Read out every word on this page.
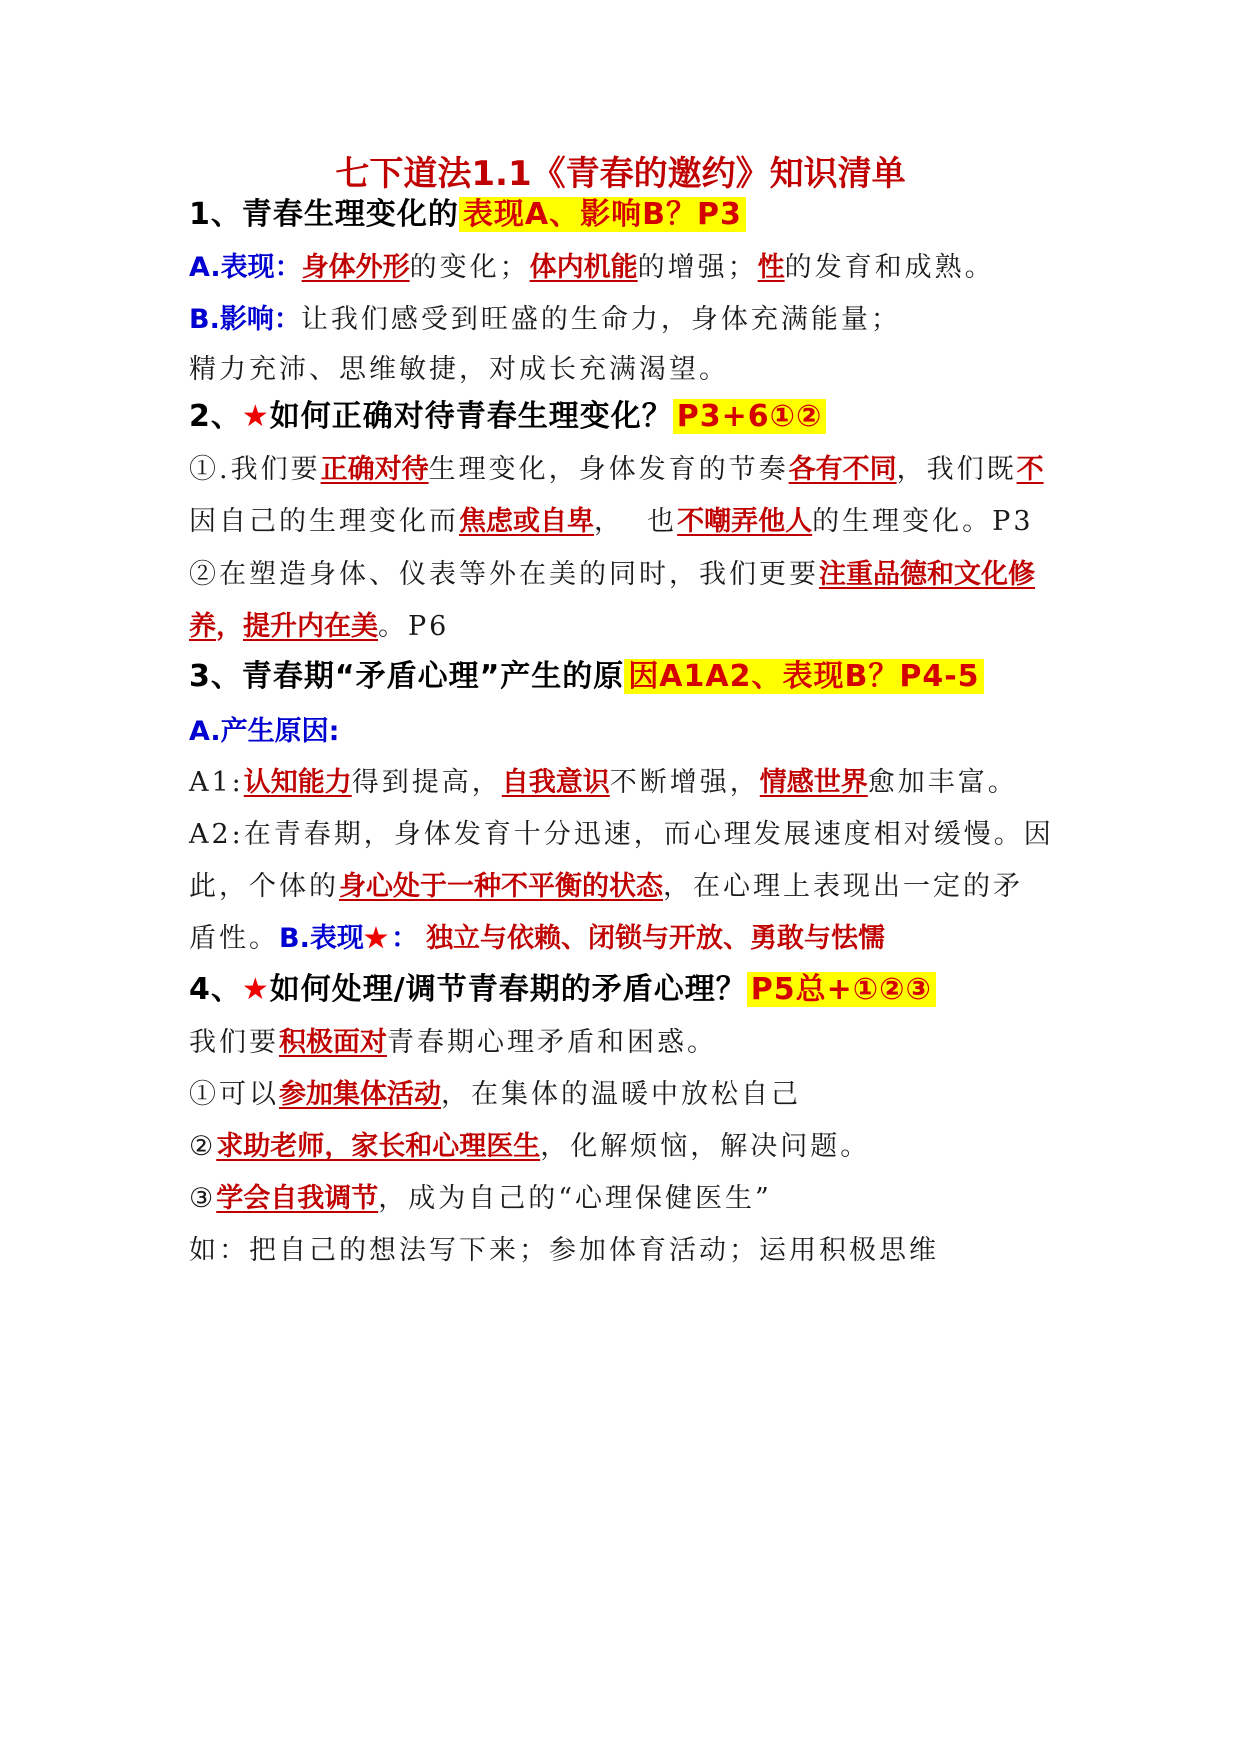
七下道法1.1《青春的邀约》知识清单
1、青春生理变化的 表现A、影响B？P3
A.表现：身体外形的变化；体内机能的增强；性的发育和成熟。
B.影响：让我们感受到旺盛的生命力，身体充满能量；
精力充沛、思维敏捷，对成长充满渴望。
2、★如何正确对待青春生理变化？ P3+6①②
①.我们要正确对待生理变化，身体发育的节奏各有不同，我们既不
因自己的生理变化而焦虑或自卑，  也不嘲弄他人的生理变化。P3
②在塑造身体、仪表等外在美的同时，我们更要注重品德和文化修
养，提升内在美。P6
3、青春期“矛盾心理”产生的原 因A1A2、表现B？P4-5
A.产生原因:
A1:认知能力得到提高，自我意识不断增强，情感世界愈加丰富。
A2:在青春期，身体发育十分迅速，而心理发展速度相对缓慢。因
此，个体的身心处于一种不平衡的状态，在心理上表现出一定的矛
盾性。B.表现★： 独立与依赖、闭锁与开放、勇敢与怯懦
4、★如何处理/调节青春期的矛盾心理？ P5总+①②③
我们要积极面对青春期心理矛盾和困惑。
①可以参加集体活动，在集体的温暖中放松自己
②求助老师，家长和心理医生，化解烦恼，解决问题。
③学会自我调节，成为自己的“心理保健医生”
如：把自己的想法写下来；参加体育活动；运用积极思维
